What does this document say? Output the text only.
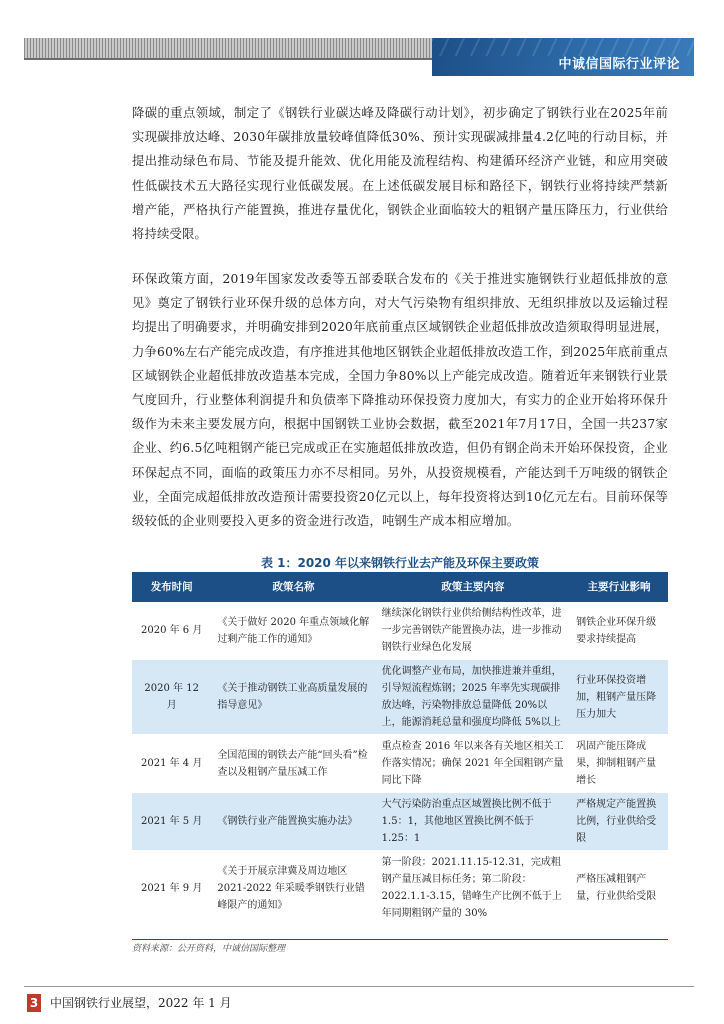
中诚信国际行业评论
降碳的重点领域，制定了《钢铁行业碳达峰及降碳行动计划》，初步确定了钢铁行业在2025年前实现碳排放达峰、2030年碳排放量较峰值降低30%、预计实现碳减排量4.2亿吨的行动目标，并提出推动绿色布局、节能及提升能效、优化用能及流程结构、构建循环经济产业链，和应用突破性低碳技术五大路径实现行业低碳发展。在上述低碳发展目标和路径下，钢铁行业将持续严禁新增产能，严格执行产能置换，推进存量优化，钢铁企业面临较大的粗钢产量压降压力，行业供给将持续受限。
环保政策方面，2019年国家发改委等五部委联合发布的《关于推进实施钢铁行业超低排放的意见》奠定了钢铁行业环保升级的总体方向，对大气污染物有组织排放、无组织排放以及运输过程均提出了明确要求，并明确安排到2020年底前重点区域钢铁企业超低排放改造须取得明显进展，力争60%左右产能完成改造，有序推进其他地区钢铁企业超低排放改造工作，到2025年底前重点区域钢铁企业超低排放改造基本完成，全国力争80%以上产能完成改造。随着近年来钢铁行业景气度回升，行业整体利润提升和负债率下降推动环保投资力度加大，有实力的企业开始将环保升级作为未来主要发展方向，根据中国钢铁工业协会数据，截至2021年7月17日，全国一共237家企业、约6.5亿吨粗钢产能已完成或正在实施超低排放改造，但仍有钢企尚未开始环保投资，企业环保起点不同，面临的政策压力亦不尽相同。另外，从投资规模看，产能达到千万吨级的钢铁企业，全面完成超低排放改造预计需要投资20亿元以上，每年投资将达到10亿元左右。目前环保等级较低的企业则要投入更多的资金进行改造，吨钢生产成本相应增加。
表 1：2020 年以来钢铁行业去产能及环保主要政策
发布时间	政策名称	政策主要内容	主要行业影响
2020 年 6 月	《关于做好 2020 年重点领域化解过剩产能工作的通知》	继续深化钢铁行业供给侧结构性改革，进一步完善钢铁产能置换办法，进一步推动钢铁行业绿色化发展	钢铁企业环保升级要求持续提高
2020 年 12 月	《关于推动钢铁工业高质量发展的指导意见》	优化调整产业布局，加快推进兼并重组，引导短流程炼钢；2025 年率先实现碳排放达峰，污染物排放总量降低 20%以上，能源消耗总量和强度均降低 5%以上	行业环保投资增加，粗钢产量压降压力加大
2021 年 4 月	全国范围的钢铁去产能“回头看”检查以及粗钢产量压减工作	重点检查 2016 年以来各有关地区相关工作落实情况；确保 2021 年全国粗钢产量同比下降	巩固产能压降成果，抑制粗钢产量增长
2021 年 5 月	《钢铁行业产能置换实施办法》	大气污染防治重点区域置换比例不低于 1.5：1，其他地区置换比例不低于 1.25：1	严格规定产能置换比例，行业供给受限
2021 年 9 月	《关于开展京津冀及周边地区 2021-2022 年采暖季钢铁行业错峰限产的通知》	第一阶段：2021.11.15-12.31，完成粗钢产量压减目标任务；第二阶段：2022.1.1-3.15，错峰生产比例不低于上年同期粗钢产量的 30%	严格压减粗钢产量，行业供给受限
资料来源：公开资料，中诚信国际整理
3 中国钢铁行业展望，2022 年 1 月
